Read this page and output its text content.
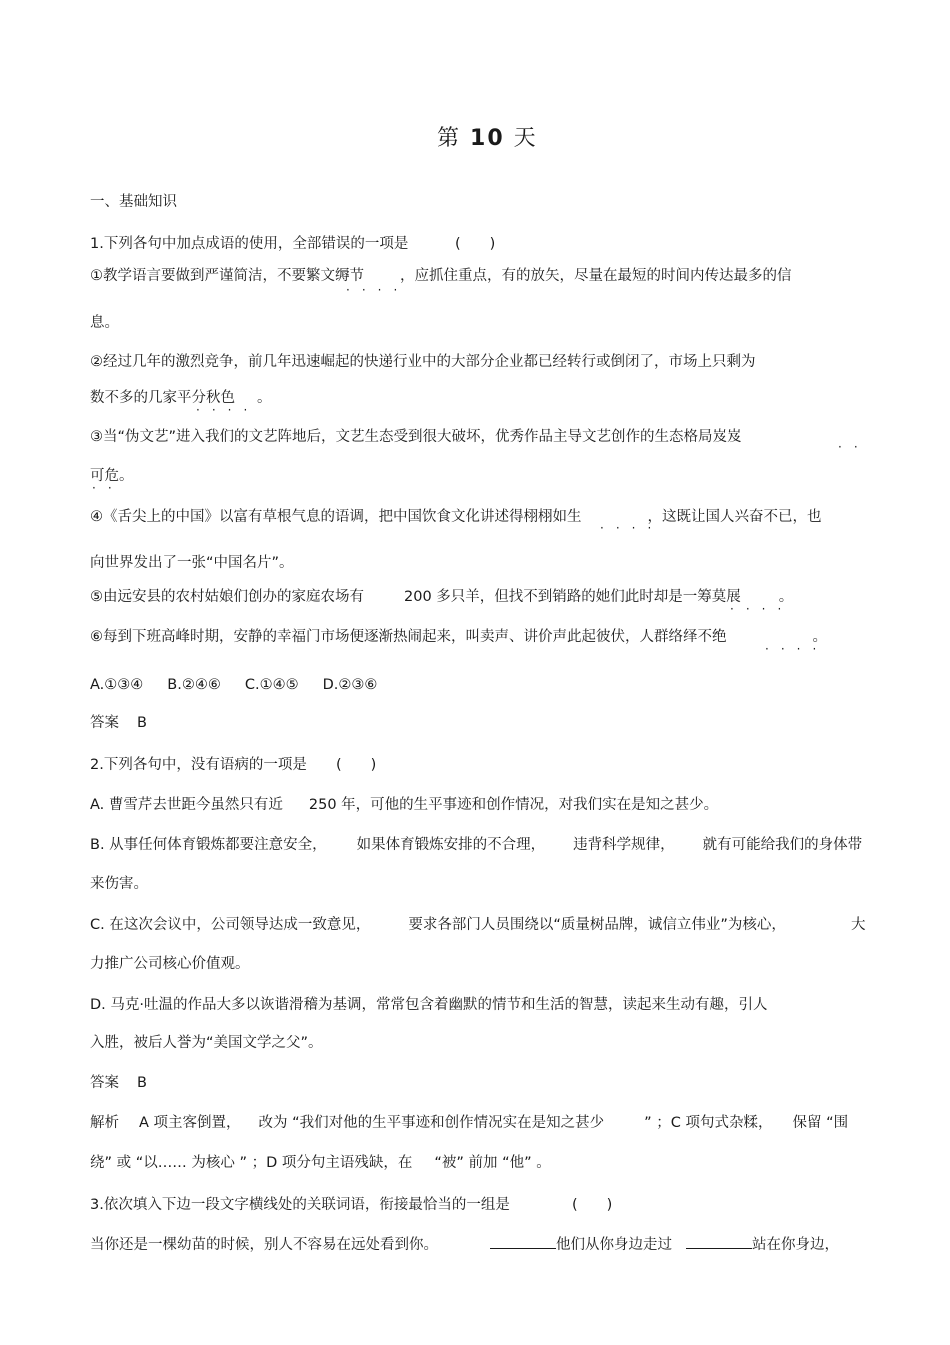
第 10 天
一、基础知识
1.下列各句中加点成语的使用，全部错误的一项是	(　　)
①教学语言要做到严谨简洁，不要繁文缛节 ，应抓住重点，有的放矢，尽量在最短的时间内传达最多的信
·　·　·　·
息。
②经过几年的激烈竞争，前几年迅速崛起的快递行业中的大部分企业都已经转行或倒闭了，市场上只剩为
数不多的几家平分秋色 。
·　·　·　·
③当“伪文艺”进入我们的文艺阵地后，文艺生态受到很大破坏，优秀作品主导文艺创作的生态格局岌岌
·　·
可危。
·　·
④《舌尖上的中国》以富有草根气息的语调，把中国饮食文化讲述得栩栩如生	，这既让国人兴奋不已，也
·　·　·　·
向世界发出了一张“中国名片”。
⑤由远安县的农村姑娘们创办的家庭农场有	200 多只羊，但找不到销路的她们此时却是一筹莫展	。
·　·　·　·
⑥每到下班高峰时期，安静的幸福门市场便逐渐热闹起来，叫卖声、讲价声此起彼伏，人群络绎不绝	。
·　·　·　·
A.①③④ B.②④⑥ C.①④⑤ D.②③⑥
答案 B
2.下列各句中，没有语病的一项是 (　　)
A. 曹雪芹去世距今虽然只有近 250 年，可他的生平事迹和创作情况，对我们实在是知之甚少。
B. 从事任何体育锻炼都要注意安全， 如果体育锻炼安排的不合理， 违背科学规律， 就有可能给我们的身体带
来伤害。
C. 在这次会议中，公司领导达成一致意见，	要求各部门人员围绕以“质量树品牌，诚信立伟业”为核心，	大
力推广公司核心价值观。
D. 马克·吐温的作品大多以诙谐滑稽为基调，常常包含着幽默的情节和生活的智慧，读起来生动有趣，引人
入胜，被后人誉为“美国文学之父”。
答案 B
解析 A 项主客倒置， 改为 “我们对他的生平事迹和创作情况实在是知之甚少	” ；C 项句式杂糅， 保留 “围
绕” 或 “以…… 为核心 ” ；D 项分句主语残缺，在 “被” 前加 “他” 。
3.依次填入下边一段文字横线处的关联词语，衔接最恰当的一组是	(　　)
当你还是一棵幼苗的时候，别人不容易在远处看到你。	他们从你身边走过	站在你身边，
